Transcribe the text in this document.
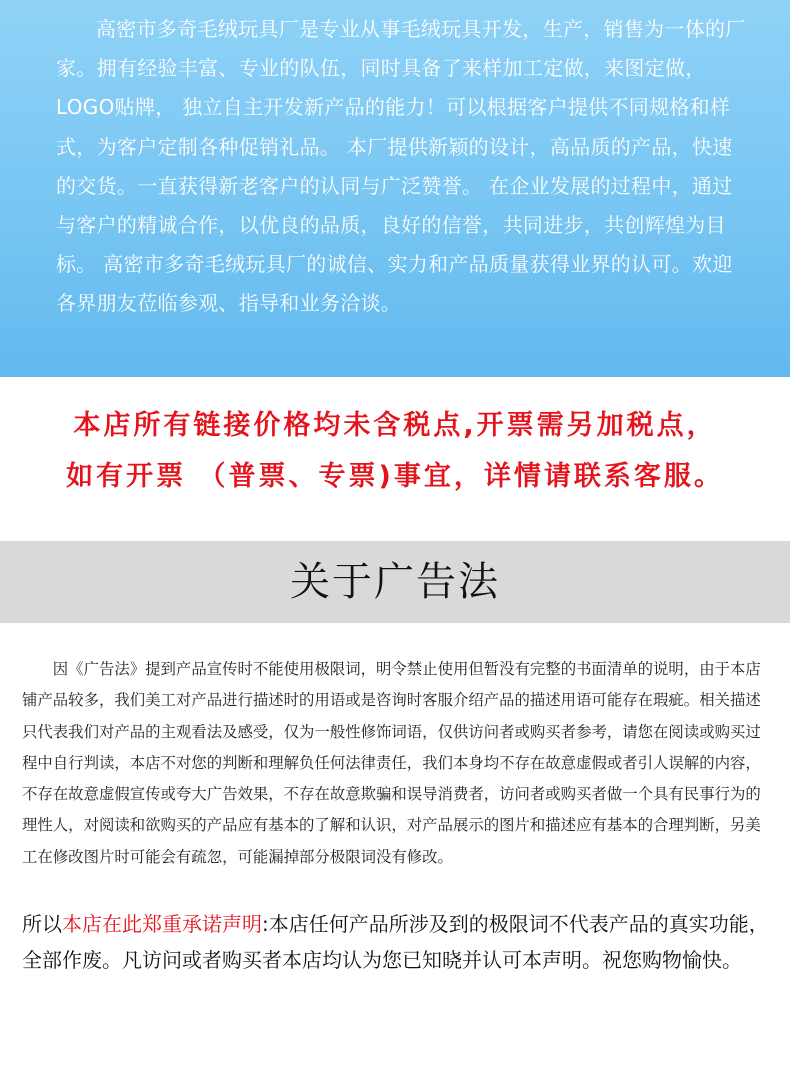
高密市多奇毛绒玩具厂是专业从事毛绒玩具开发，生产，销售为一体的厂家。拥有经验丰富、专业的队伍，同时具备了来样加工定做，来图定做， LOGO贴牌， 独立自主开发新产品的能力！可以根据客户提供不同规格和样式，为客户定制各种促销礼品。 本厂提供新颖的设计，高品质的产品，快速的交货。一直获得新老客户的认同与广泛赞誉。 在企业发展的过程中，通过与客户的精诚合作，以优良的品质，良好的信誉，共同进步，共创辉煌为目标。 高密市多奇毛绒玩具厂的诚信、实力和产品质量获得业界的认可。欢迎各界朋友莅临参观、指导和业务洽谈。

本店所有链接价格均未含税点,开票需另加税点，
如有开票 （普票、专票)事宜，详情请联系客服。
关于广告法

因《广告法》提到产品宣传时不能使用极限词，明令禁止使用但暂没有完整的书面清单的说明，由于本店铺产品较多，我们美工对产品进行描述时的用语或是咨询时客服介绍产品的描述用语可能存在瑕疵。相关描述只代表我们对产品的主观看法及感受，仅为一般性修饰词语，仅供访问者或购买者参考，请您在阅读或购买过程中自行判读，本店不对您的判断和理解负任何法律责任，我们本身均不存在故意虚假或者引人误解的内容，不存在故意虚假宣传或夸大广告效果，不存在故意欺骗和误导消费者，访问者或购买者做一个具有民事行为的理性人，对阅读和欲购买的产品应有基本的了解和认识，对产品展示的图片和描述应有基本的合理判断，另美工在修改图片时可能会有疏忽，可能漏掉部分极限词没有修改。

所以本店在此郑重承诺声明:本店任何产品所涉及到的极限词不代表产品的真实功能，全部作废。凡访问或者购买者本店均认为您已知晓并认可本声明。祝您购物愉快。
